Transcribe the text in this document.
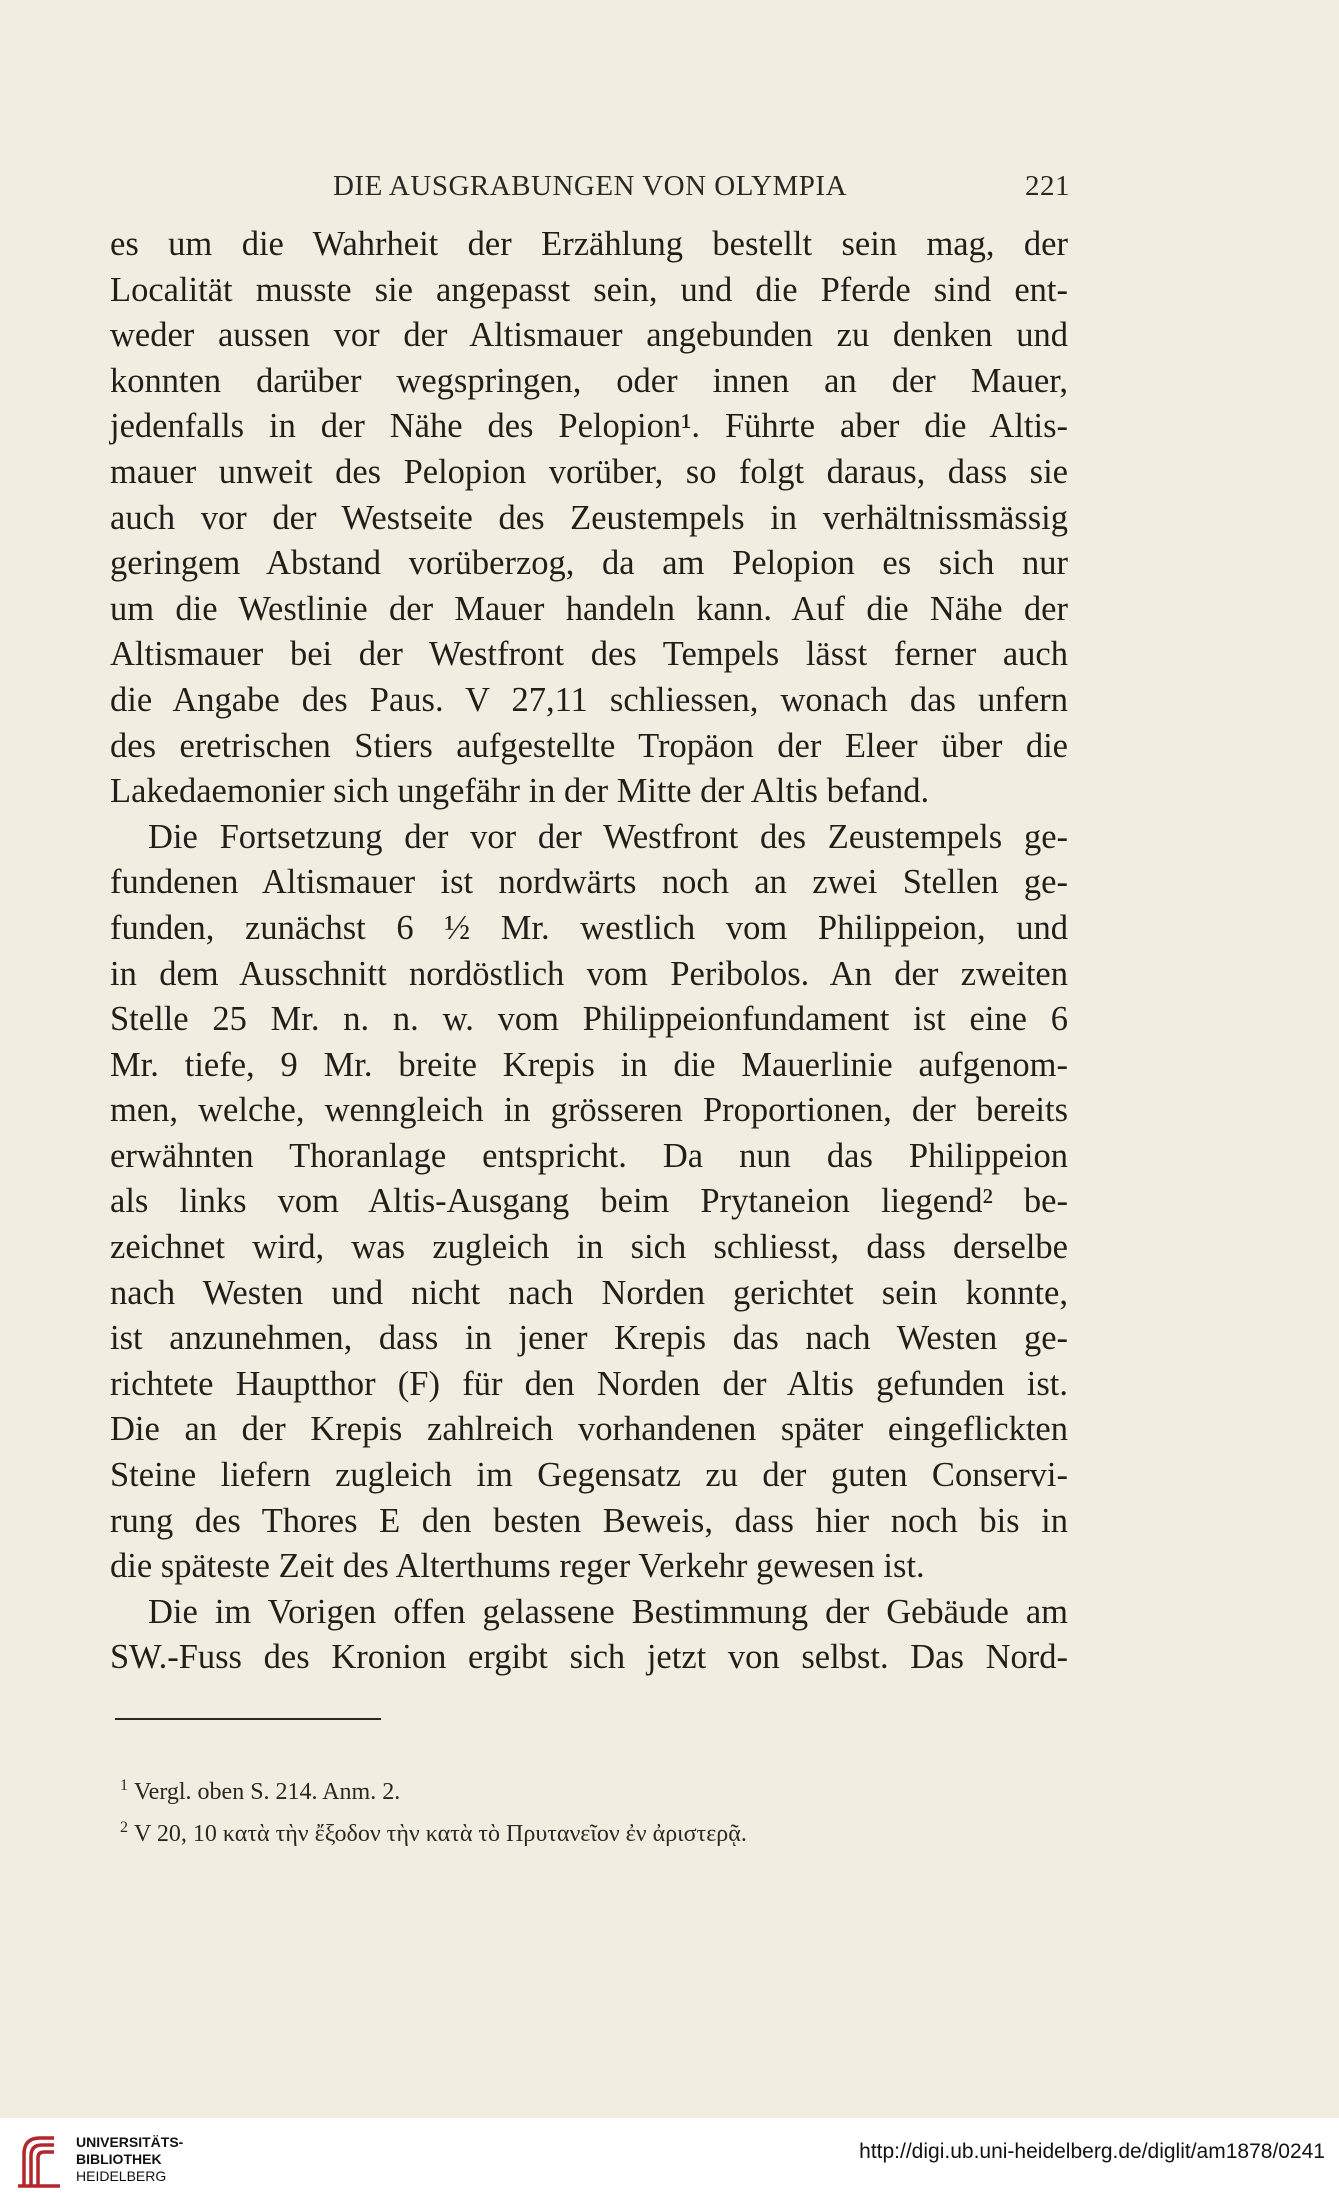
DIE AUSGRABUNGEN VON OLYMPIA	221

es um die Wahrheit der Erzählung bestellt sein mag, der
Localität musste sie angepasst sein, und die Pferde sind ent-
weder aussen vor der Altismauer angebunden zu denken und
konnten darüber wegspringen, oder innen an der Mauer,
jedenfalls in der Nähe des Pelopion¹. Führte aber die Altis-
mauer unweit des Pelopion vorüber, so folgt daraus, dass sie
auch vor der Westseite des Zeustempels in verhältnissmässig
geringem Abstand vorüberzog, da am Pelopion es sich nur
um die Westlinie der Mauer handeln kann. Auf die Nähe der
Altismauer bei der Westfront des Tempels lässt ferner auch
die Angabe des Paus. V 27,11 schliessen, wonach das unfern
des eretrischen Stiers aufgestellte Tropäon der Eleer über die
Lakedaemonier sich ungefähr in der Mitte der Altis befand.

Die Fortsetzung der vor der Westfront des Zeustempels ge-
fundenen Altismauer ist nordwärts noch an zwei Stellen ge-
funden, zunächst 6 ½ Mr. westlich vom Philippeion, und
in dem Ausschnitt nordöstlich vom Peribolos. An der zweiten
Stelle 25 Mr. n. n. w. vom Philippeionfundament ist eine 6
Mr. tiefe, 9 Mr. breite Krepis in die Mauerlinie aufgenom-
men, welche, wenngleich in grösseren Proportionen, der bereits
erwähnten Thoranlage entspricht. Da nun das Philippeion
als links vom Altis-Ausgang beim Prytaneion liegend² be-
zeichnet wird, was zugleich in sich schliesst, dass derselbe
nach Westen und nicht nach Norden gerichtet sein konnte,
ist anzunehmen, dass in jener Krepis das nach Westen ge-
richtete Hauptthor (F) für den Norden der Altis gefunden ist.
Die an der Krepis zahlreich vorhandenen später eingeflickten
Steine liefern zugleich im Gegensatz zu der guten Conservi-
rung des Thores E den besten Beweis, dass hier noch bis in
die späteste Zeit des Alterthums reger Verkehr gewesen ist.

Die im Vorigen offen gelassene Bestimmung der Gebäude am
SW.-Fuss des Kronion ergibt sich jetzt von selbst. Das Nord-

$^1$ Vergl. oben S. 214. Anm. 2.
$^2$ V 20, 10 κατὰ τὴν ἔξοδον τὴν κατὰ τὸ Πρυτανεῖον ἐν ἀριστερᾷ.
UNIVERSITÄTS-
BIBLIOTHEK
HEIDELBERG
http://digi.ub.uni-heidelberg.de/diglit/am1878/0241
